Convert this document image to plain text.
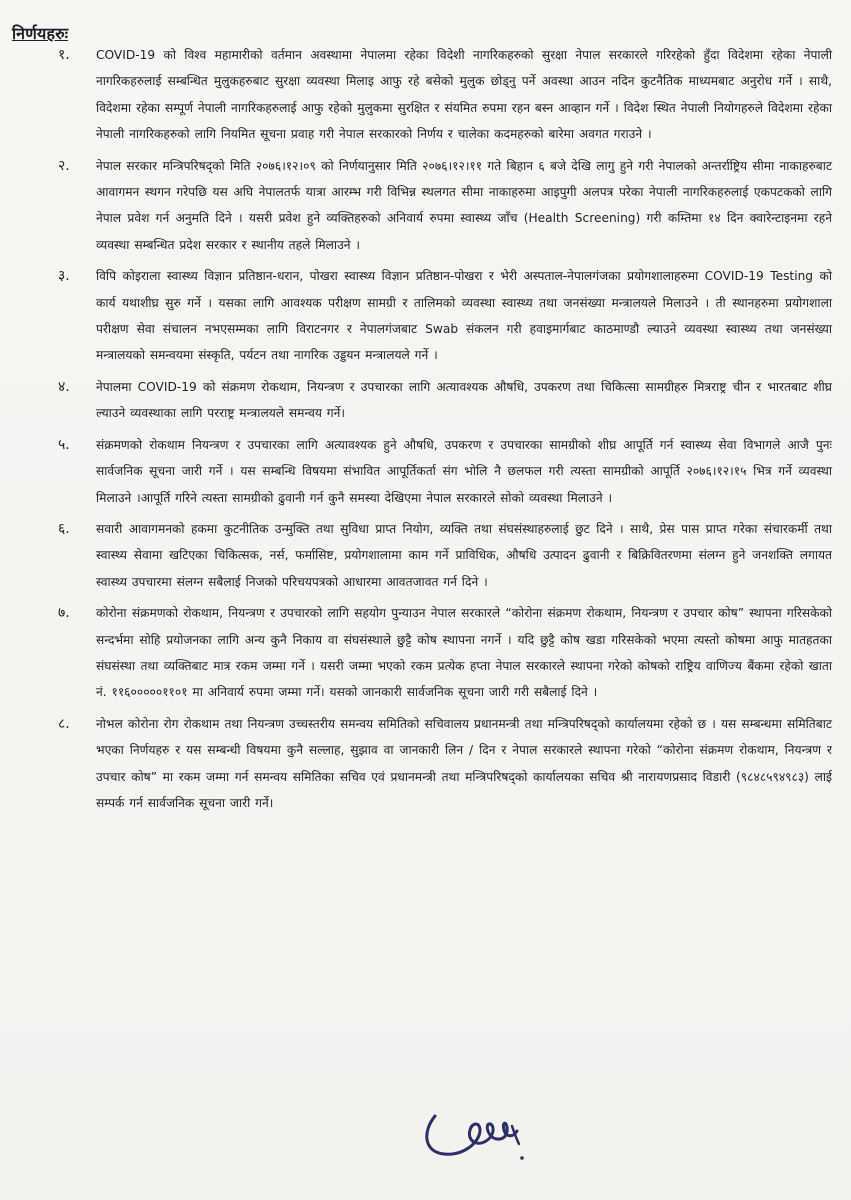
निर्णयहरुः
१. COVID-19 को विश्व महामारीको वर्तमान अवस्थामा नेपालमा रहेका विदेशी नागरिकहरुको सुरक्षा नेपाल सरकारले गरिरहेको हुँदा विदेशमा रहेका नेपाली नागरिकहरुलाई सम्बन्धित मुलुकहरुबाट सुरक्षा व्यवस्था मिलाइ आफु रहे बसेको मुलुक छोड्नु पर्ने अवस्था आउन नदिन कुटनैतिक माध्यमबाट अनुरोध गर्ने । साथै, विदेशमा रहेका सम्पूर्ण नेपाली नागरिकहरुलाई आफु रहेको मुलुकमा सुरक्षित र संयमित रुपमा रहन बस्न आव्हान गर्ने । विदेश स्थित नेपाली नियोगहरुले विदेशमा रहेका नेपाली नागरिकहरुको लागि नियमित सूचना प्रवाह गरी नेपाल सरकारको निर्णय र चालेका कदमहरुको बारेमा अवगत गराउने ।
२. नेपाल सरकार मन्त्रिपरिषद्को मिति २०७६।१२।०९ को निर्णयानुसार मिति २०७६।१२।११ गते बिहान ६ बजे देखि लागु हुने गरी नेपालको अन्तर्राष्ट्रिय सीमा नाकाहरुबाट आवागमन स्थगन गरेपछि यस अघि नेपालतर्फ यात्रा आरम्भ गरी विभिन्न स्थलगत सीमा नाकाहरुमा आइपुगी अलपत्र परेका नेपाली नागरिकहरुलाई एकपटकको लागि नेपाल प्रवेश गर्न अनुमति दिने । यसरी प्रवेश हुने व्यक्तिहरुको अनिवार्य रुपमा स्वास्थ्य जाँच (Health Screening) गरी कम्तिमा १४ दिन क्वारेन्टाइनमा रहने व्यवस्था सम्बन्धित प्रदेश सरकार र स्थानीय तहले मिलाउने ।
३. विपि कोइराला स्वास्थ्य विज्ञान प्रतिष्ठान-धरान, पोखरा स्वास्थ्य विज्ञान प्रतिष्ठान-पोखरा र भेरी अस्पताल-नेपालगंजका प्रयोगशालाहरुमा COVID-19 Testing को कार्य यथाशीघ्र सुरु गर्ने । यसका लागि आवश्यक परीक्षण सामग्री र तालिमको व्यवस्था स्वास्थ्य तथा जनसंख्या मन्त्रालयले मिलाउने । ती स्थानहरुमा प्रयोगशाला परीक्षण सेवा संचालन नभएसम्मका लागि विराटनगर र नेपालगंजबाट Swab संकलन गरी हवाइमार्गबाट काठमाण्डौ ल्याउने व्यवस्था स्वास्थ्य तथा जनसंख्या मन्त्रालयको समन्वयमा संस्कृति, पर्यटन तथा नागरिक उड्डयन मन्त्रालयले गर्ने ।
४. नेपालमा COVID-19 को संक्रमण रोकथाम, नियन्त्रण र उपचारका लागि अत्यावश्यक औषधि, उपकरण तथा चिकित्सा सामग्रीहरु मित्रराष्ट्र चीन र भारतबाट शीघ्र ल्याउने व्यवस्थाका लागि परराष्ट्र मन्त्रालयले समन्वय गर्ने।
५. संक्रमणको रोकथाम नियन्त्रण र उपचारका लागि अत्यावश्यक हुने औषधि, उपकरण र उपचारका सामग्रीको शीघ्र आपूर्ति गर्न स्वास्थ्य सेवा विभागले आजै पुनः सार्वजनिक सूचना जारी गर्ने । यस सम्बन्धि विषयमा संभावित आपूर्तिकर्ता संग भोलि नै छलफल गरी त्यस्ता सामग्रीको आपूर्ति २०७६।१२।१५ भित्र गर्ने व्यवस्था मिलाउने ।आपूर्ति गरिने त्यस्ता सामग्रीको ढुवानी गर्न कुनै समस्या देखिएमा नेपाल सरकारले सोको व्यवस्था मिलाउने ।
६. सवारी आवागमनको हकमा कुटनीतिक उन्मुक्ति तथा सुविधा प्राप्त नियोग, व्यक्ति तथा संघसंस्थाहरुलाई छुट दिने । साथै, प्रेस पास प्राप्त गरेका संचारकर्मी तथा स्वास्थ्य सेवामा खटिएका चिकित्सक, नर्स, फर्मासिष्ट, प्रयोगशालामा काम गर्ने प्राविधिक, औषधि उत्पादन ढुवानी र बिक्रिवितरणमा संलग्न हुने जनशक्ति लगायत स्वास्थ्य उपचारमा संलग्न सबैलाई निजको परिचयपत्रको आधारमा आवतजावत गर्न दिने ।
७. कोरोना संक्रमणको रोकथाम, नियन्त्रण र उपचारको लागि सहयोग पुन्याउन नेपाल सरकारले “कोरोना संक्रमण रोकथाम, नियन्त्रण र उपचार कोष” स्थापना गरिसकेको सन्दर्भमा सोहि प्रयोजनका लागि अन्य कुनै निकाय वा संघसंस्थाले छुट्टै कोष स्थापना नगर्ने । यदि छुट्टै कोष खडा गरिसकेको भएमा त्यस्तो कोषमा आफु मातहतका संघसंस्था तथा व्यक्तिबाट मात्र रकम जम्मा गर्ने । यसरी जम्मा भएको रकम प्रत्येक हप्ता नेपाल सरकारले स्थापना गरेको कोषको राष्ट्रिय वाणिज्य बैंकमा रहेको खाता नं. ११६०००००११०१ मा अनिवार्य रुपमा जम्मा गर्ने। यसको जानकारी सार्वजनिक सूचना जारी गरी सबैलाई दिने ।
८. नोभल कोरोना रोग रोकथाम तथा नियन्त्रण उच्चस्तरीय समन्वय समितिको सचिवालय प्रधानमन्त्री तथा मन्त्रिपरिषद्को कार्यालयमा रहेको छ । यस सम्बन्धमा समितिबाट भएका निर्णयहरु र यस सम्बन्धी विषयमा कुनै सल्लाह, सुझाव वा जानकारी लिन / दिन र नेपाल सरकारले स्थापना गरेको “कोरोना संक्रमण रोकथाम, नियन्त्रण र उपचार कोष” मा रकम जम्मा गर्न समन्वय समितिका सचिव एवं प्रधानमन्त्री तथा मन्त्रिपरिषद्को कार्यालयका सचिव श्री नारायणप्रसाद विडारी (९८४८५९४९८३) लाई सम्पर्क गर्न सार्वजनिक सूचना जारी गर्ने।
